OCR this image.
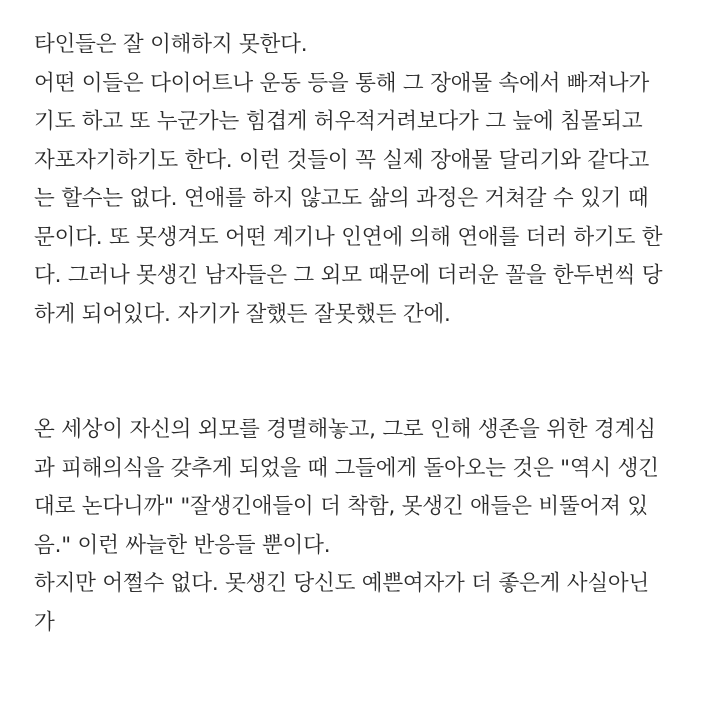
타인들은 잘 이해하지 못한다.
어떤 이들은 다이어트나 운동 등을 통해 그 장애물 속에서 빠져나가
기도 하고 또 누군가는 힘겹게 허우적거려보다가 그 늪에 침몰되고
자포자기하기도 한다. 이런 것들이 꼭 실제 장애물 달리기와 같다고
는 할수는 없다. 연애를 하지 않고도 삶의 과정은 거쳐갈 수 있기 때
문이다. 또 못생겨도 어떤 계기나 인연에 의해 연애를 더러 하기도 한
다. 그러나 못생긴 남자들은 그 외모 때문에 더러운 꼴을 한두번씩 당
하게 되어있다. 자기가 잘했든 잘못했든 간에.
온 세상이 자신의 외모를 경멸해놓고, 그로 인해 생존을 위한 경계심
과 피해의식을 갖추게 되었을 때 그들에게 돌아오는 것은 "역시 생긴
대로 논다니까" "잘생긴애들이 더 착함, 못생긴 애들은 비뚤어져 있
음." 이런 싸늘한 반응들 뿐이다.
하지만 어쩔수 없다. 못생긴 당신도 예쁜여자가 더 좋은게 사실아닌
가
